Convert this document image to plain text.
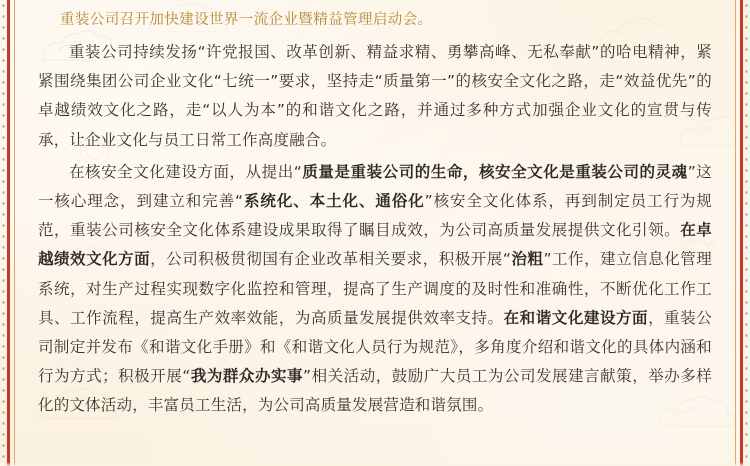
重装公司召开加快建设世界一流企业暨精益管理启动会。

重装公司持续发扬“许党报国、改革创新、精益求精、勇攀高峰、无私奉献”的哈电精神，紧紧围绕集团公司企业文化“七统一”要求，坚持走“质量第一”的核安全文化之路，走“效益优先”的卓越绩效文化之路，走“以人为本”的和谐文化之路，并通过多种方式加强企业文化的宣贯与传承，让企业文化与员工日常工作高度融合。

在核安全文化建设方面，从提出“质量是重装公司的生命，核安全文化是重装公司的灵魂”这一核心理念，到建立和完善“系统化、本土化、通俗化”核安全文化体系，再到制定员工行为规范，重装公司核安全文化体系建设成果取得了瞩目成效，为公司高质量发展提供文化引领。在卓越绩效文化方面，公司积极贯彻国有企业改革相关要求，积极开展“治粗”工作，建立信息化管理系统，对生产过程实现数字化监控和管理，提高了生产调度的及时性和准确性，不断优化工作工具、工作流程，提高生产效率效能，为高质量发展提供效率支持。在和谐文化建设方面，重装公司制定并发布《和谐文化手册》和《和谐文化人员行为规范》，多角度介绍和谐文化的具体内涵和行为方式；积极开展“我为群众办实事”相关活动，鼓励广大员工为公司发展建言献策，举办多样化的文体活动，丰富员工生活，为公司高质量发展营造和谐氛围。
